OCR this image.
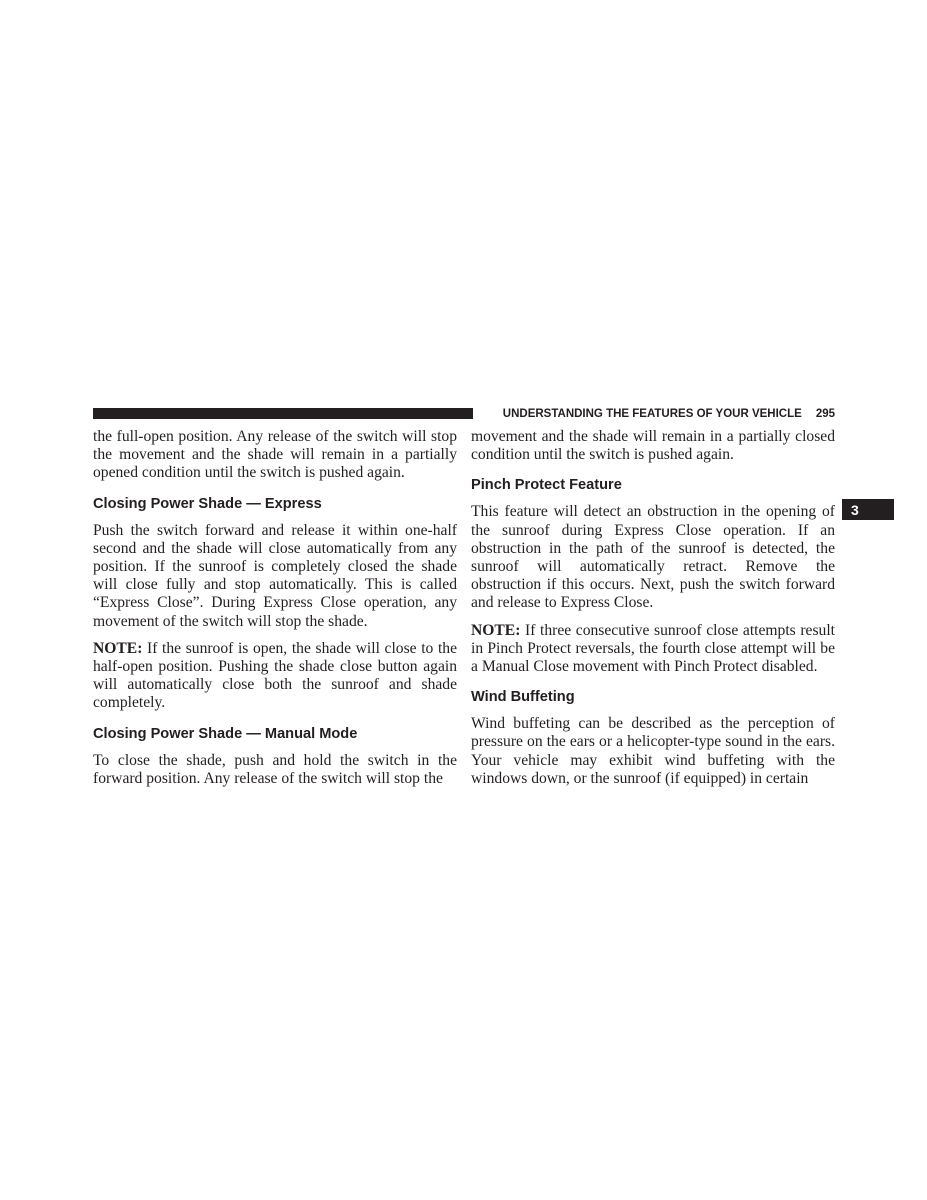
UNDERSTANDING THE FEATURES OF YOUR VEHICLE 295

the full-open position. Any release of the switch will stop the movement and the shade will remain in a partially opened condition until the switch is pushed again.

Closing Power Shade — Express

Push the switch forward and release it within one-half second and the shade will close automatically from any position. If the sunroof is completely closed the shade will close fully and stop automatically. This is called “Express Close”. During Express Close operation, any movement of the switch will stop the shade.

NOTE: If the sunroof is open, the shade will close to the half-open position. Pushing the shade close button again will automatically close both the sunroof and shade completely.

Closing Power Shade — Manual Mode

To close the shade, push and hold the switch in the forward position. Any release of the switch will stop the

movement and the shade will remain in a partially closed condition until the switch is pushed again.

Pinch Protect Feature

This feature will detect an obstruction in the opening of the sunroof during Express Close operation. If an obstruction in the path of the sunroof is detected, the sunroof will automatically retract. Remove the obstruction if this occurs. Next, push the switch forward and release to Express Close.

NOTE: If three consecutive sunroof close attempts result in Pinch Protect reversals, the fourth close attempt will be a Manual Close movement with Pinch Protect disabled.

Wind Buffeting

Wind buffeting can be described as the perception of pressure on the ears or a helicopter-type sound in the ears. Your vehicle may exhibit wind buffeting with the windows down, or the sunroof (if equipped) in certain

3
